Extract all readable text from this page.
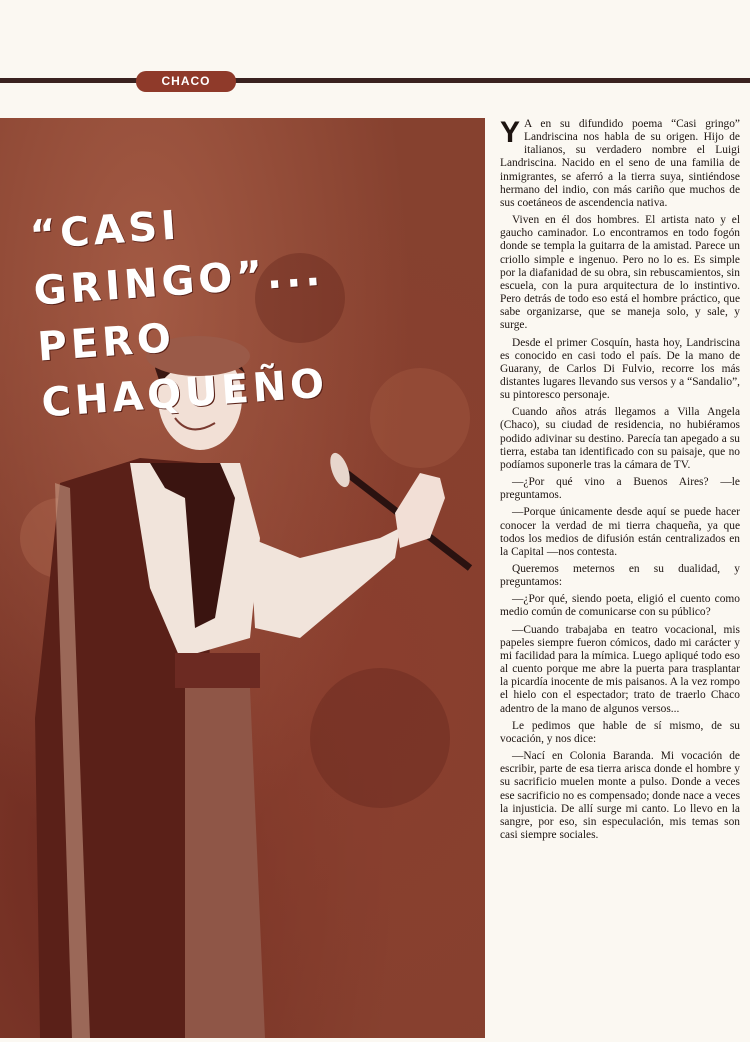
CHACO
“CASI GRINGO”...
PERO CHAQUEÑO

Y A en su difundido poema “Casi gringo” Landriscina nos habla de su origen. Hijo de italianos, su verdadero nombre el Luigi Landriscina. Nacido en el seno de una familia de inmigrantes, se aferró a la tierra suya, sintiéndose hermano del indio, con más cariño que muchos de sus coetáneos de ascendencia nativa.

Viven en él dos hombres. El artista nato y el gaucho caminador. Lo encontramos en todo fogón donde se templa la guitarra de la amistad. Parece un criollo simple e ingenuo. Pero no lo es. Es simple por la diafanidad de su obra, sin rebuscamientos, sin escuela, con la pura arquitectura de lo instintivo. Pero detrás de todo eso está el hombre práctico, que sabe organizarse, que se maneja solo, y sale, y surge.

Desde el primer Cosquín, hasta hoy, Landriscina es conocido en casi todo el país. De la mano de Guarany, de Carlos Di Fulvio, recorre los más distantes lugares llevando sus versos y a “Sandalio”, su pintoresco personaje.

Cuando años atrás llegamos a Villa Angela (Chaco), su ciudad de residencia, no hubiéramos podido adivinar su destino. Parecía tan apegado a su tierra, estaba tan identificado con su paisaje, que no podíamos suponerle tras la cámara de TV.

—¿Por qué vino a Buenos Aires? —le preguntamos.

—Porque únicamente desde aquí se puede hacer conocer la verdad de mi tierra chaqueña, ya que todos los medios de difusión están centralizados en la Capital —nos contesta.

Queremos meternos en su dualidad, y preguntamos:

—¿Por qué, siendo poeta, eligió el cuento como medio común de comunicarse con su público?

—Cuando trabajaba en teatro vocacional, mis papeles siempre fueron cómicos, dado mi carácter y mi facilidad para la mímica. Luego apliqué todo eso al cuento porque me abre la puerta para trasplantar la picardía inocente de mis paisanos. A la vez rompo el hielo con el espectador; trato de traerlo Chaco adentro de la mano de algunos versos...

Le pedimos que hable de sí mismo, de su vocación, y nos dice:

—Nací en Colonia Baranda. Mi vocación de escribir, parte de esa tierra arisca donde el hombre y su sacrificio muelen monte a pulso. Donde a veces ese sacrificio no es compensado; donde nace a veces la injusticia. De allí surge mi canto. Lo llevo en la sangre, por eso, sin especulación, mis temas son casi siempre sociales.
